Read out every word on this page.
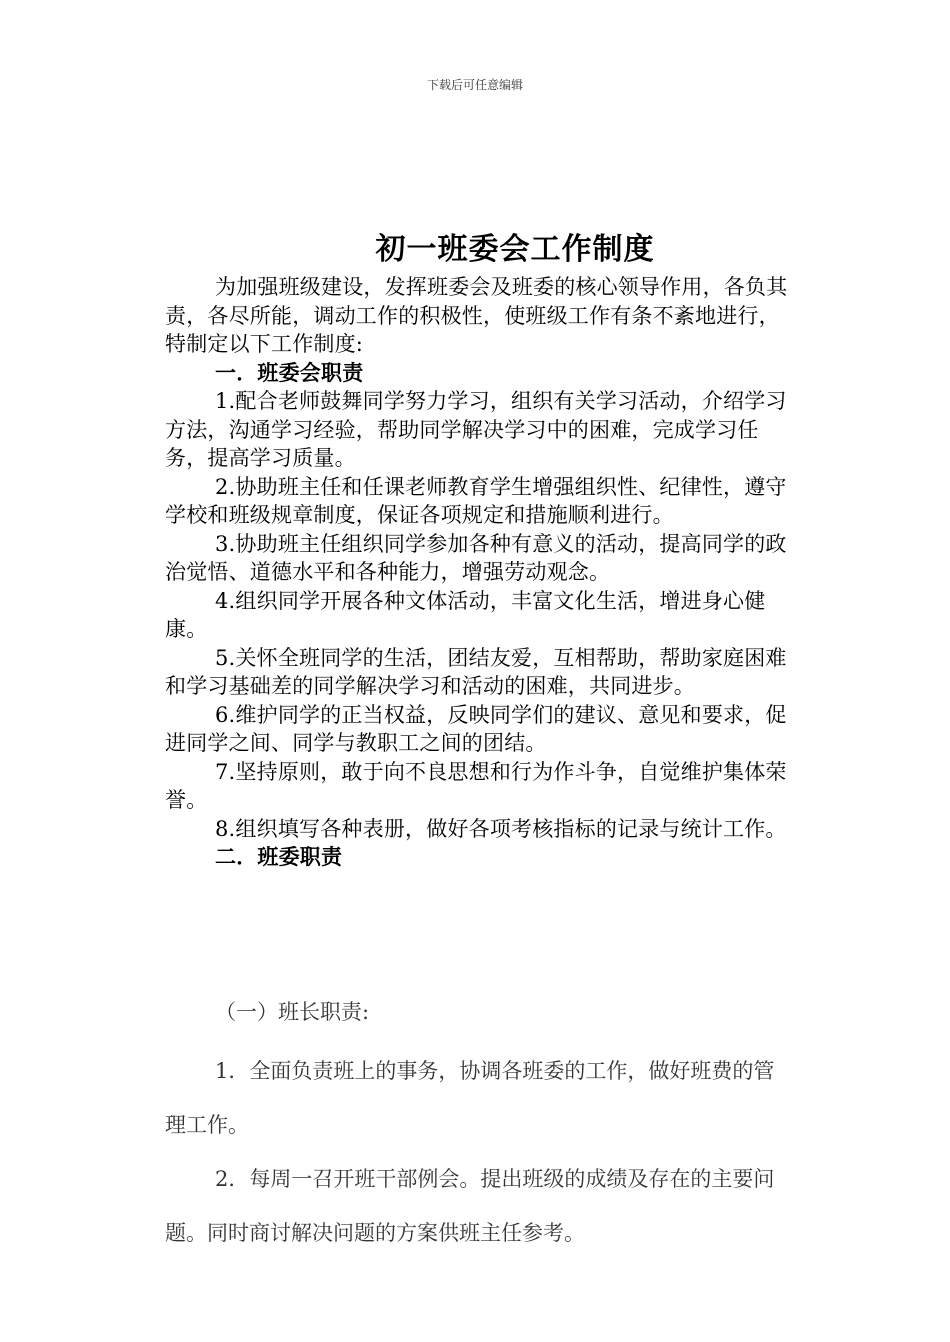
下载后可任意编辑
初一班委会工作制度

为加强班级建设，发挥班委会及班委的核心领导作用，各负其责，各尽所能，调动工作的积极性，使班级工作有条不紊地进行，特制定以下工作制度:

一．班委会职责

1.配合老师鼓舞同学努力学习，组织有关学习活动，介绍学习方法，沟通学习经验，帮助同学解决学习中的困难，完成学习任务，提高学习质量。

2.协助班主任和任课老师教育学生增强组织性、纪律性，遵守学校和班级规章制度，保证各项规定和措施顺利进行。

3.协助班主任组织同学参加各种有意义的活动，提高同学的政治觉悟、道德水平和各种能力，增强劳动观念。

4.组织同学开展各种文体活动，丰富文化生活，增进身心健康。

5.关怀全班同学的生活，团结友爱，互相帮助，帮助家庭困难和学习基础差的同学解决学习和活动的困难，共同进步。

6.维护同学的正当权益，反映同学们的建议、意见和要求，促进同学之间、同学与教职工之间的团结。

7.坚持原则，敢于向不良思想和行为作斗争，自觉维护集体荣誉。

8.组织填写各种表册，做好各项考核指标的记录与统计工作。

二．班委职责

（一）班长职责:

1．全面负责班上的事务，协调各班委的工作，做好班费的管理工作。

2．每周一召开班干部例会。提出班级的成绩及存在的主要问题。同时商讨解决问题的方案供班主任参考。
